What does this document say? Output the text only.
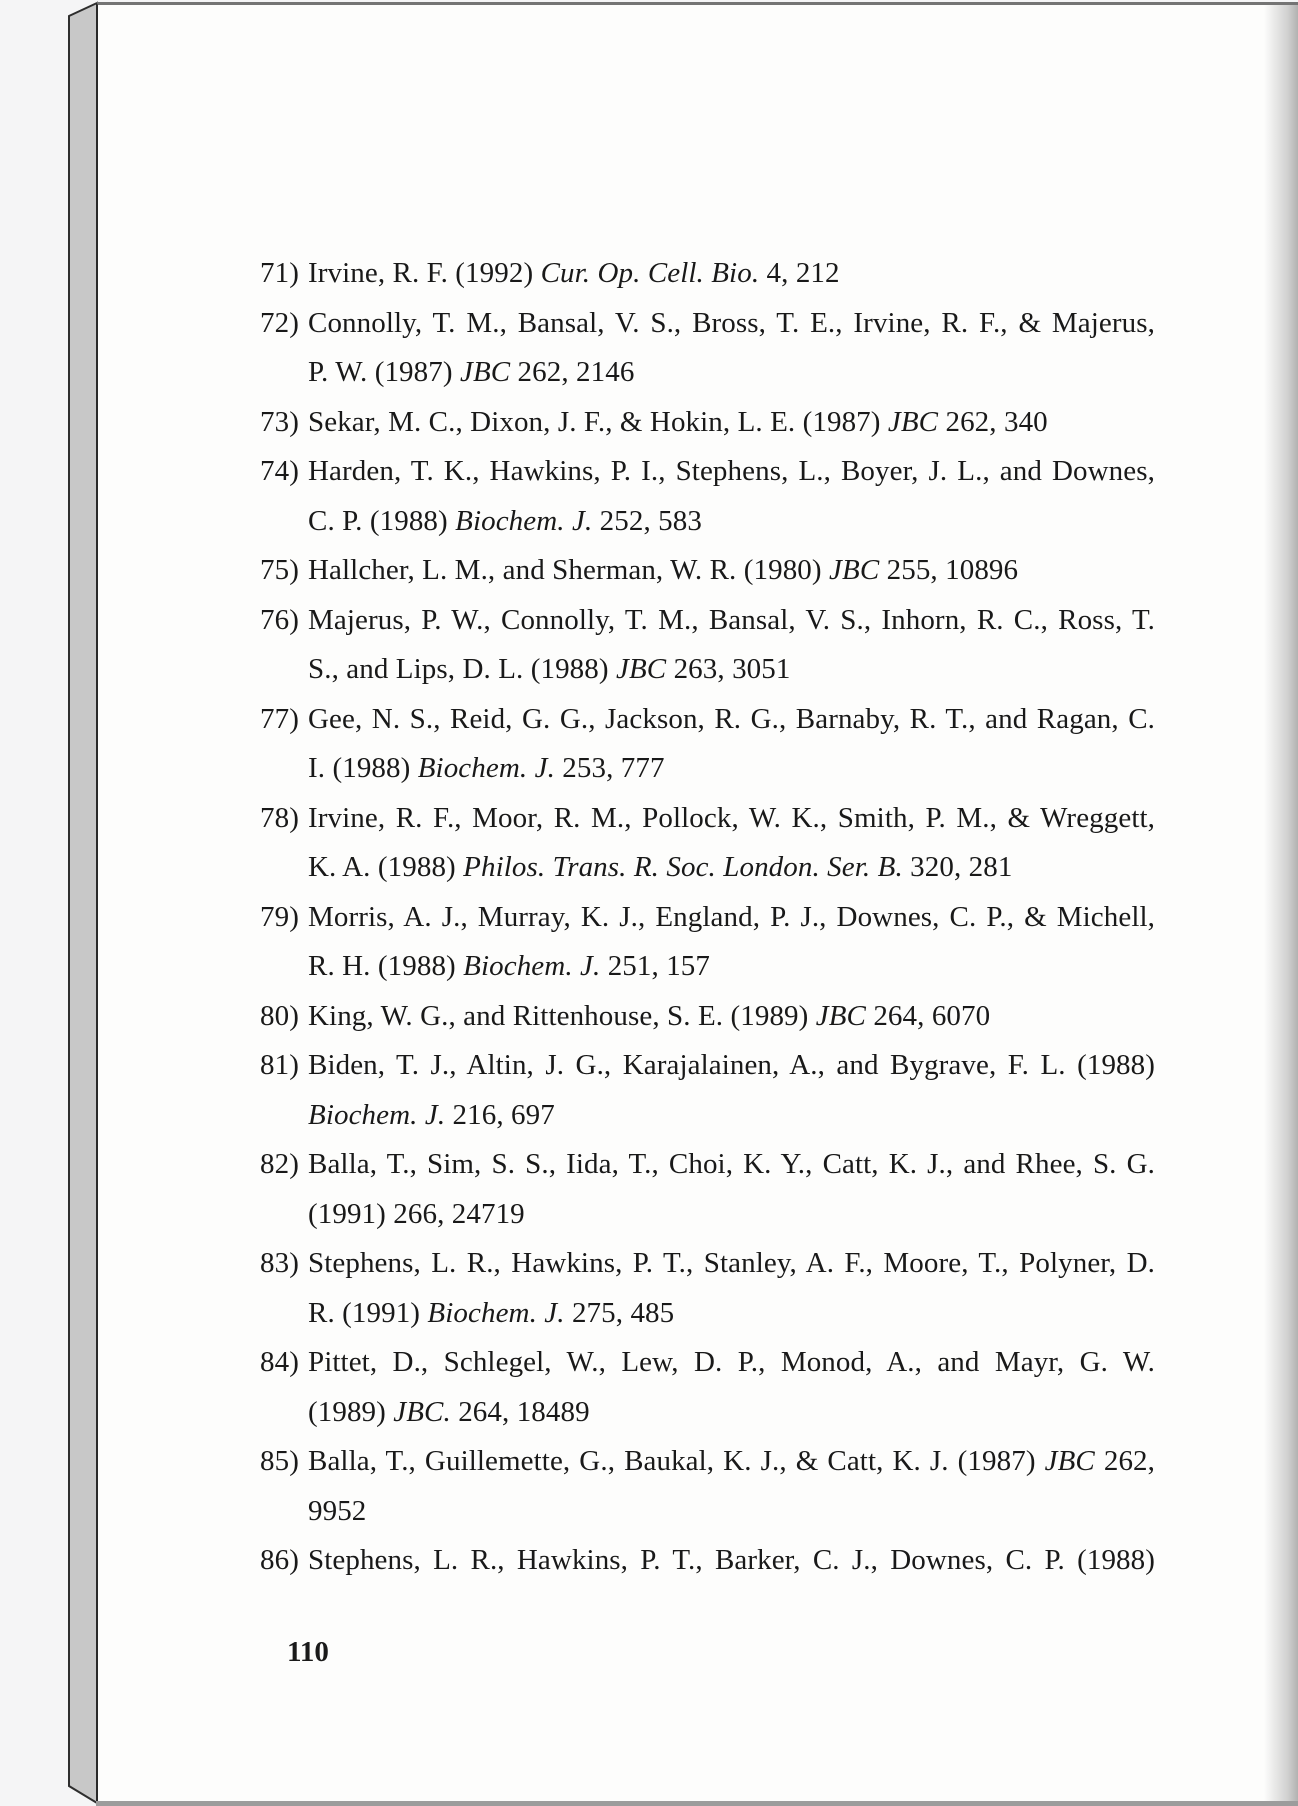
71) Irvine, R. F. (1992) Cur. Op. Cell. Bio. 4, 212
72) Connolly, T. M., Bansal, V. S., Bross, T. E., Irvine, R. F., & Majerus,
P. W. (1987) JBC 262, 2146
73) Sekar, M. C., Dixon, J. F., & Hokin, L. E. (1987) JBC 262, 340
74) Harden, T. K., Hawkins, P. I., Stephens, L., Boyer, J. L., and Downes,
C. P. (1988) Biochem. J. 252, 583
75) Hallcher, L. M., and Sherman, W. R. (1980) JBC 255, 10896
76) Majerus, P. W., Connolly, T. M., Bansal, V. S., Inhorn, R. C., Ross, T.
S., and Lips, D. L. (1988) JBC 263, 3051
77) Gee, N. S., Reid, G. G., Jackson, R. G., Barnaby, R. T., and Ragan, C.
I. (1988) Biochem. J. 253, 777
78) Irvine, R. F., Moor, R. M., Pollock, W. K., Smith, P. M., & Wreggett,
K. A. (1988) Philos. Trans. R. Soc. London. Ser. B. 320, 281
79) Morris, A. J., Murray, K. J., England, P. J., Downes, C. P., & Michell,
R. H. (1988) Biochem. J. 251, 157
80) King, W. G., and Rittenhouse, S. E. (1989) JBC 264, 6070
81) Biden, T. J., Altin, J. G., Karajalainen, A., and Bygrave, F. L. (1988)
Biochem. J. 216, 697
82) Balla, T., Sim, S. S., Iida, T., Choi, K. Y., Catt, K. J., and Rhee, S. G.
(1991) 266, 24719
83) Stephens, L. R., Hawkins, P. T., Stanley, A. F., Moore, T., Polyner, D.
R. (1991) Biochem. J. 275, 485
84) Pittet, D., Schlegel, W., Lew, D. P., Monod, A., and Mayr, G. W.
(1989) JBC. 264, 18489
85) Balla, T., Guillemette, G., Baukal, K. J., & Catt, K. J. (1987) JBC 262,
9952
86) Stephens, L. R., Hawkins, P. T., Barker, C. J., Downes, C. P. (1988)
110
